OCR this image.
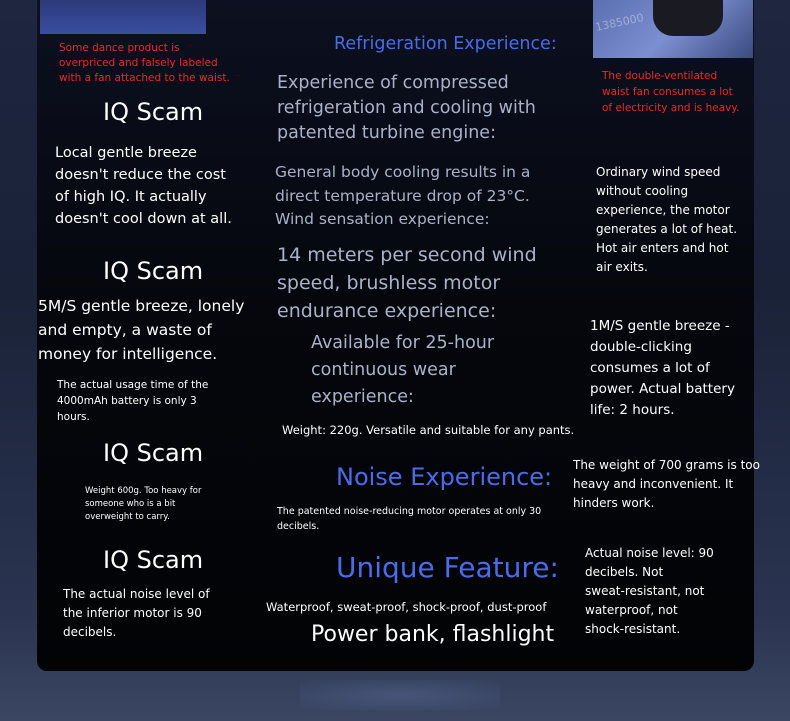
1385000

Some dance product is
overpriced and falsely labeled
with a fan attached to the waist.

IQ Scam

Local gentle breeze
doesn't reduce the cost
of high IQ. It actually
doesn't cool down at all.

IQ Scam

5M/S gentle breeze, lonely
and empty, a waste of
money for intelligence.

The actual usage time of the
4000mAh battery is only 3
hours.

IQ Scam

Weight 600g. Too heavy for
someone who is a bit
overweight to carry.

IQ Scam

The actual noise level of
the inferior motor is 90
decibels.

Refrigeration Experience:

Experience of compressed
refrigeration and cooling with
patented turbine engine:

General body cooling results in a
direct temperature drop of 23°C.
Wind sensation experience:

14 meters per second wind
speed, brushless motor
endurance experience:

Available for 25-hour
continuous wear
experience:

Weight: 220g. Versatile and suitable for any pants.

Noise Experience:

The patented noise-reducing motor operates at only 30
decibels.

Unique Feature:

Waterproof, sweat-proof, shock-proof, dust-proof

Power bank, flashlight

The double-ventilated
waist fan consumes a lot
of electricity and is heavy.

Ordinary wind speed
without cooling
experience, the motor
generates a lot of heat.
Hot air enters and hot
air exits.

1M/S gentle breeze -
double-clicking
consumes a lot of
power. Actual battery
life: 2 hours.

The weight of 700 grams is too
heavy and inconvenient. It
hinders work.

Actual noise level: 90
decibels. Not
sweat-resistant, not
waterproof, not
shock-resistant.
